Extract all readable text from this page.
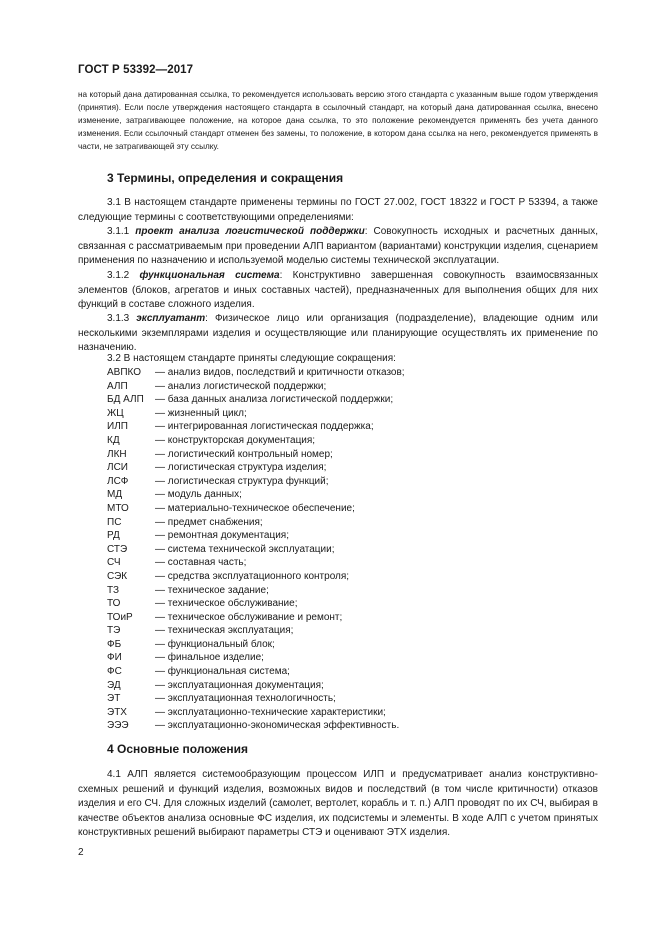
ГОСТ Р 53392—2017
на который дана датированная ссылка, то рекомендуется использовать версию этого стандарта с указанным выше годом утверждения (принятия). Если после утверждения настоящего стандарта в ссылочный стандарт, на который дана датированная ссылка, внесено изменение, затрагивающее положение, на которое дана ссылка, то это положение рекомендуется применять без учета данного изменения. Если ссылочный стандарт отменен без замены, то положение, в котором дана ссылка на него, рекомендуется применять в части, не затрагивающей эту ссылку.
3 Термины, определения и сокращения
3.1 В настоящем стандарте применены термины по ГОСТ 27.002, ГОСТ 18322 и ГОСТ Р 53394, а также следующие термины с соответствующими определениями:
3.1.1 проект анализа логистической поддержки: Совокупность исходных и расчетных данных, связанная с рассматриваемым при проведении АЛП вариантом (вариантами) конструкции изделия, сценарием применения по назначению и используемой моделью системы технической эксплуатации.
3.1.2 функциональная система: Конструктивно завершенная совокупность взаимосвязанных элементов (блоков, агрегатов и иных составных частей), предназначенных для выполнения общих для них функций в составе сложного изделия.
3.1.3 эксплуатант: Физическое лицо или организация (подразделение), владеющие одним или несколькими экземплярами изделия и осуществляющие или планирующие осуществлять их применение по назначению.
3.2 В настоящем стандарте приняты следующие сокращения:
АВПКО	— анализ видов, последствий и критичности отказов;
АЛП	— анализ логистической поддержки;
БД АЛП	— база данных анализа логистической поддержки;
ЖЦ	— жизненный цикл;
ИЛП	— интегрированная логистическая поддержка;
КД	— конструкторская документация;
ЛКН	— логистический контрольный номер;
ЛСИ	— логистическая структура изделия;
ЛСФ	— логистическая структура функций;
МД	— модуль данных;
МТО	— материально-техническое обеспечение;
ПС	— предмет снабжения;
РД	— ремонтная документация;
СТЭ	— система технической эксплуатации;
СЧ	— составная часть;
СЭК	— средства эксплуатационного контроля;
ТЗ	— техническое задание;
ТО	— техническое обслуживание;
ТОиР	— техническое обслуживание и ремонт;
ТЭ	— техническая эксплуатация;
ФБ	— функциональный блок;
ФИ	— финальное изделие;
ФС	— функциональная система;
ЭД	— эксплуатационная документация;
ЭТ	— эксплуатационная технологичность;
ЭТХ	— эксплуатационно-технические характеристики;
ЭЭЭ	— эксплуатационно-экономическая эффективность.
4 Основные положения
4.1 АЛП является системообразующим процессом ИЛП и предусматривает анализ конструктивно-схемных решений и функций изделия, возможных видов и последствий (в том числе критичности) отказов изделия и его СЧ. Для сложных изделий (самолет, вертолет, корабль и т. п.) АЛП проводят по их СЧ, выбирая в качестве объектов анализа основные ФС изделия, их подсистемы и элементы. В ходе АЛП с учетом принятых конструктивных решений выбирают параметры СТЭ и оценивают ЭТХ изделия.
2
